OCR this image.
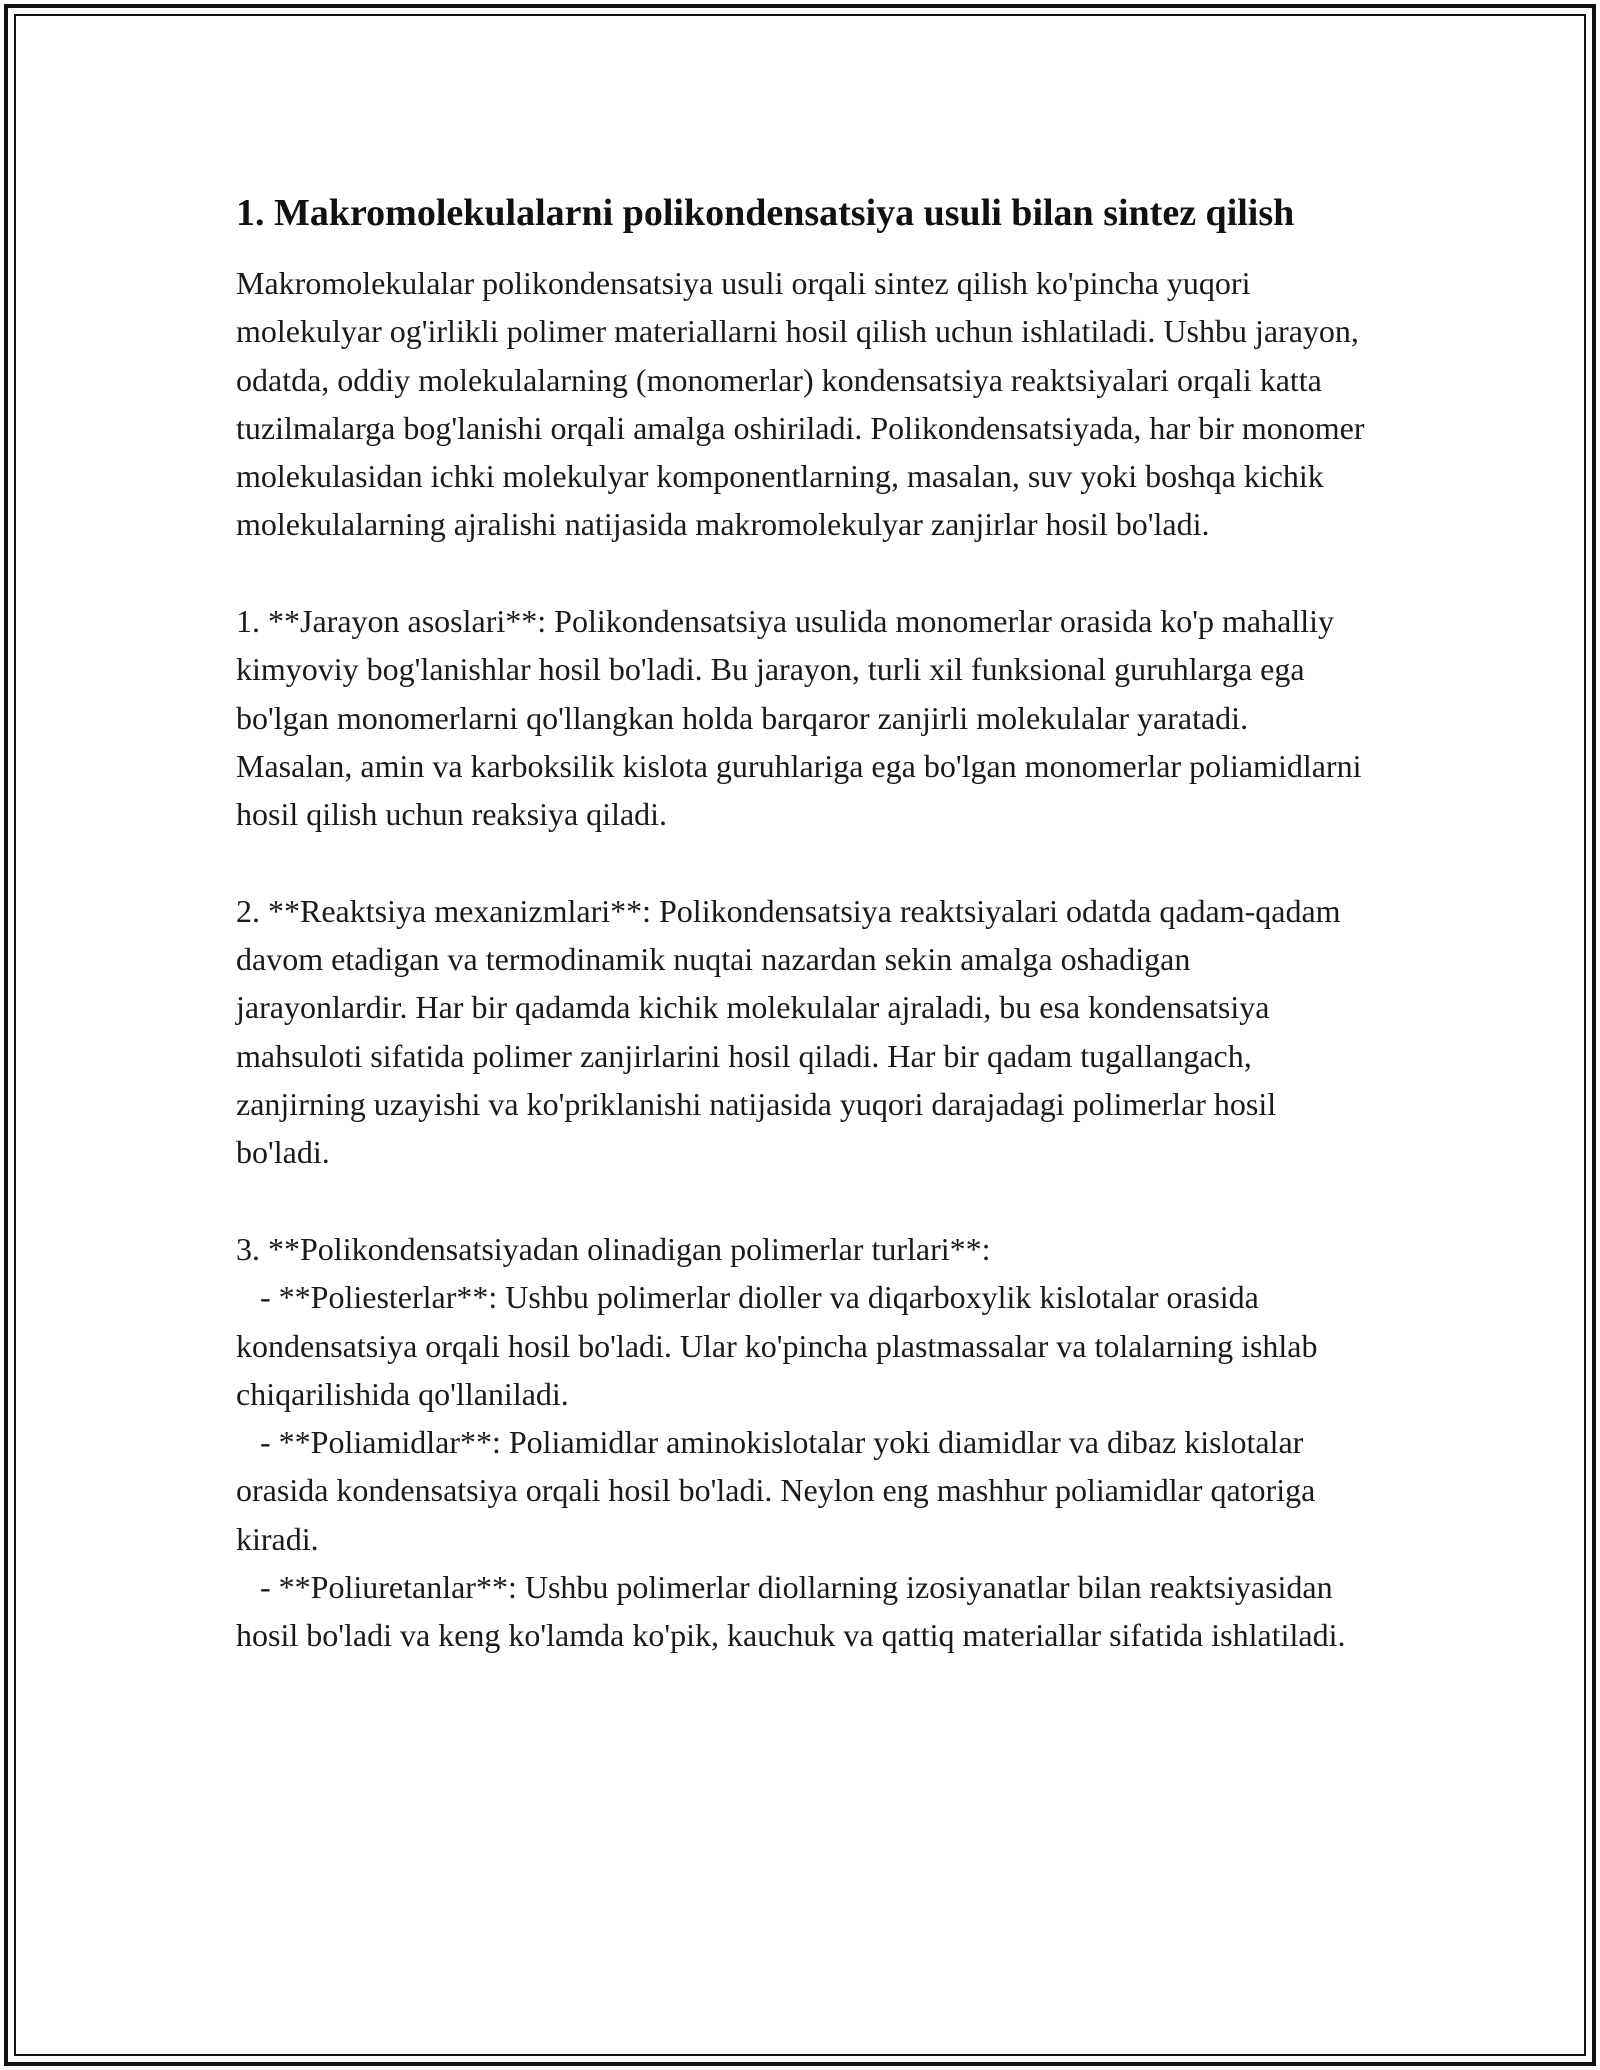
1. Makromolekulalarni polikondensatsiya usuli bilan sintez qilish
Makromolekulalar polikondensatsiya usuli orqali sintez qilish ko'pincha yuqori molekulyar og'irlikli polimer materiallarni hosil qilish uchun ishlatiladi. Ushbu jarayon, odatda, oddiy molekulalarning (monomerlar) kondensatsiya reaktsiyalari orqali katta tuzilmalarga bog'lanishi orqali amalga oshiriladi. Polikondensatsiyada, har bir monomer molekulasidan ichki molekulyar komponentlarning, masalan, suv yoki boshqa kichik molekulalarning ajralishi natijasida makromolekulyar zanjirlar hosil bo'ladi.

1. **Jarayon asoslari**: Polikondensatsiya usulida monomerlar orasida ko'p mahalliy kimyoviy bog'lanishlar hosil bo'ladi. Bu jarayon, turli xil funksional guruhlarga ega bo'lgan monomerlarni qo'llangkan holda barqaror zanjirli molekulalar yaratadi. Masalan, amin va karboksilik kislota guruhlariga ega bo'lgan monomerlar poliamidlarni hosil qilish uchun reaksiya qiladi.

2. **Reaktsiya mexanizmlari**: Polikondensatsiya reaktsiyalari odatda qadam-qadam davom etadigan va termodinamik nuqtai nazardan sekin amalga oshadigan jarayonlardir. Har bir qadamda kichik molekulalar ajraladi, bu esa kondensatsiya mahsuloti sifatida polimer zanjirlarini hosil qiladi. Har bir qadam tugallangach, zanjirning uzayishi va ko'priklanishi natijasida yuqori darajadagi polimerlar hosil bo'ladi.

3. **Polikondensatsiyadan olinadigan polimerlar turlari**:
- **Poliesterlar**: Ushbu polimerlar dioller va diqarboxylik kislotalar orasida kondensatsiya orqali hosil bo'ladi. Ular ko'pincha plastmassalar va tolalarning ishlab chiqarilishida qo'llaniladi.
- **Poliamidlar**: Poliamidlar aminokislotalar yoki diamidlar va dibaz kislotalar orasida kondensatsiya orqali hosil bo'ladi. Neylon eng mashhur poliamidlar qatoriga kiradi.
- **Poliuretanlar**: Ushbu polimerlar diollarning izosiyanatlar bilan reaktsiyasidan hosil bo'ladi va keng ko'lamda ko'pik, kauchuk va qattiq materiallar sifatida ishlatiladi.
